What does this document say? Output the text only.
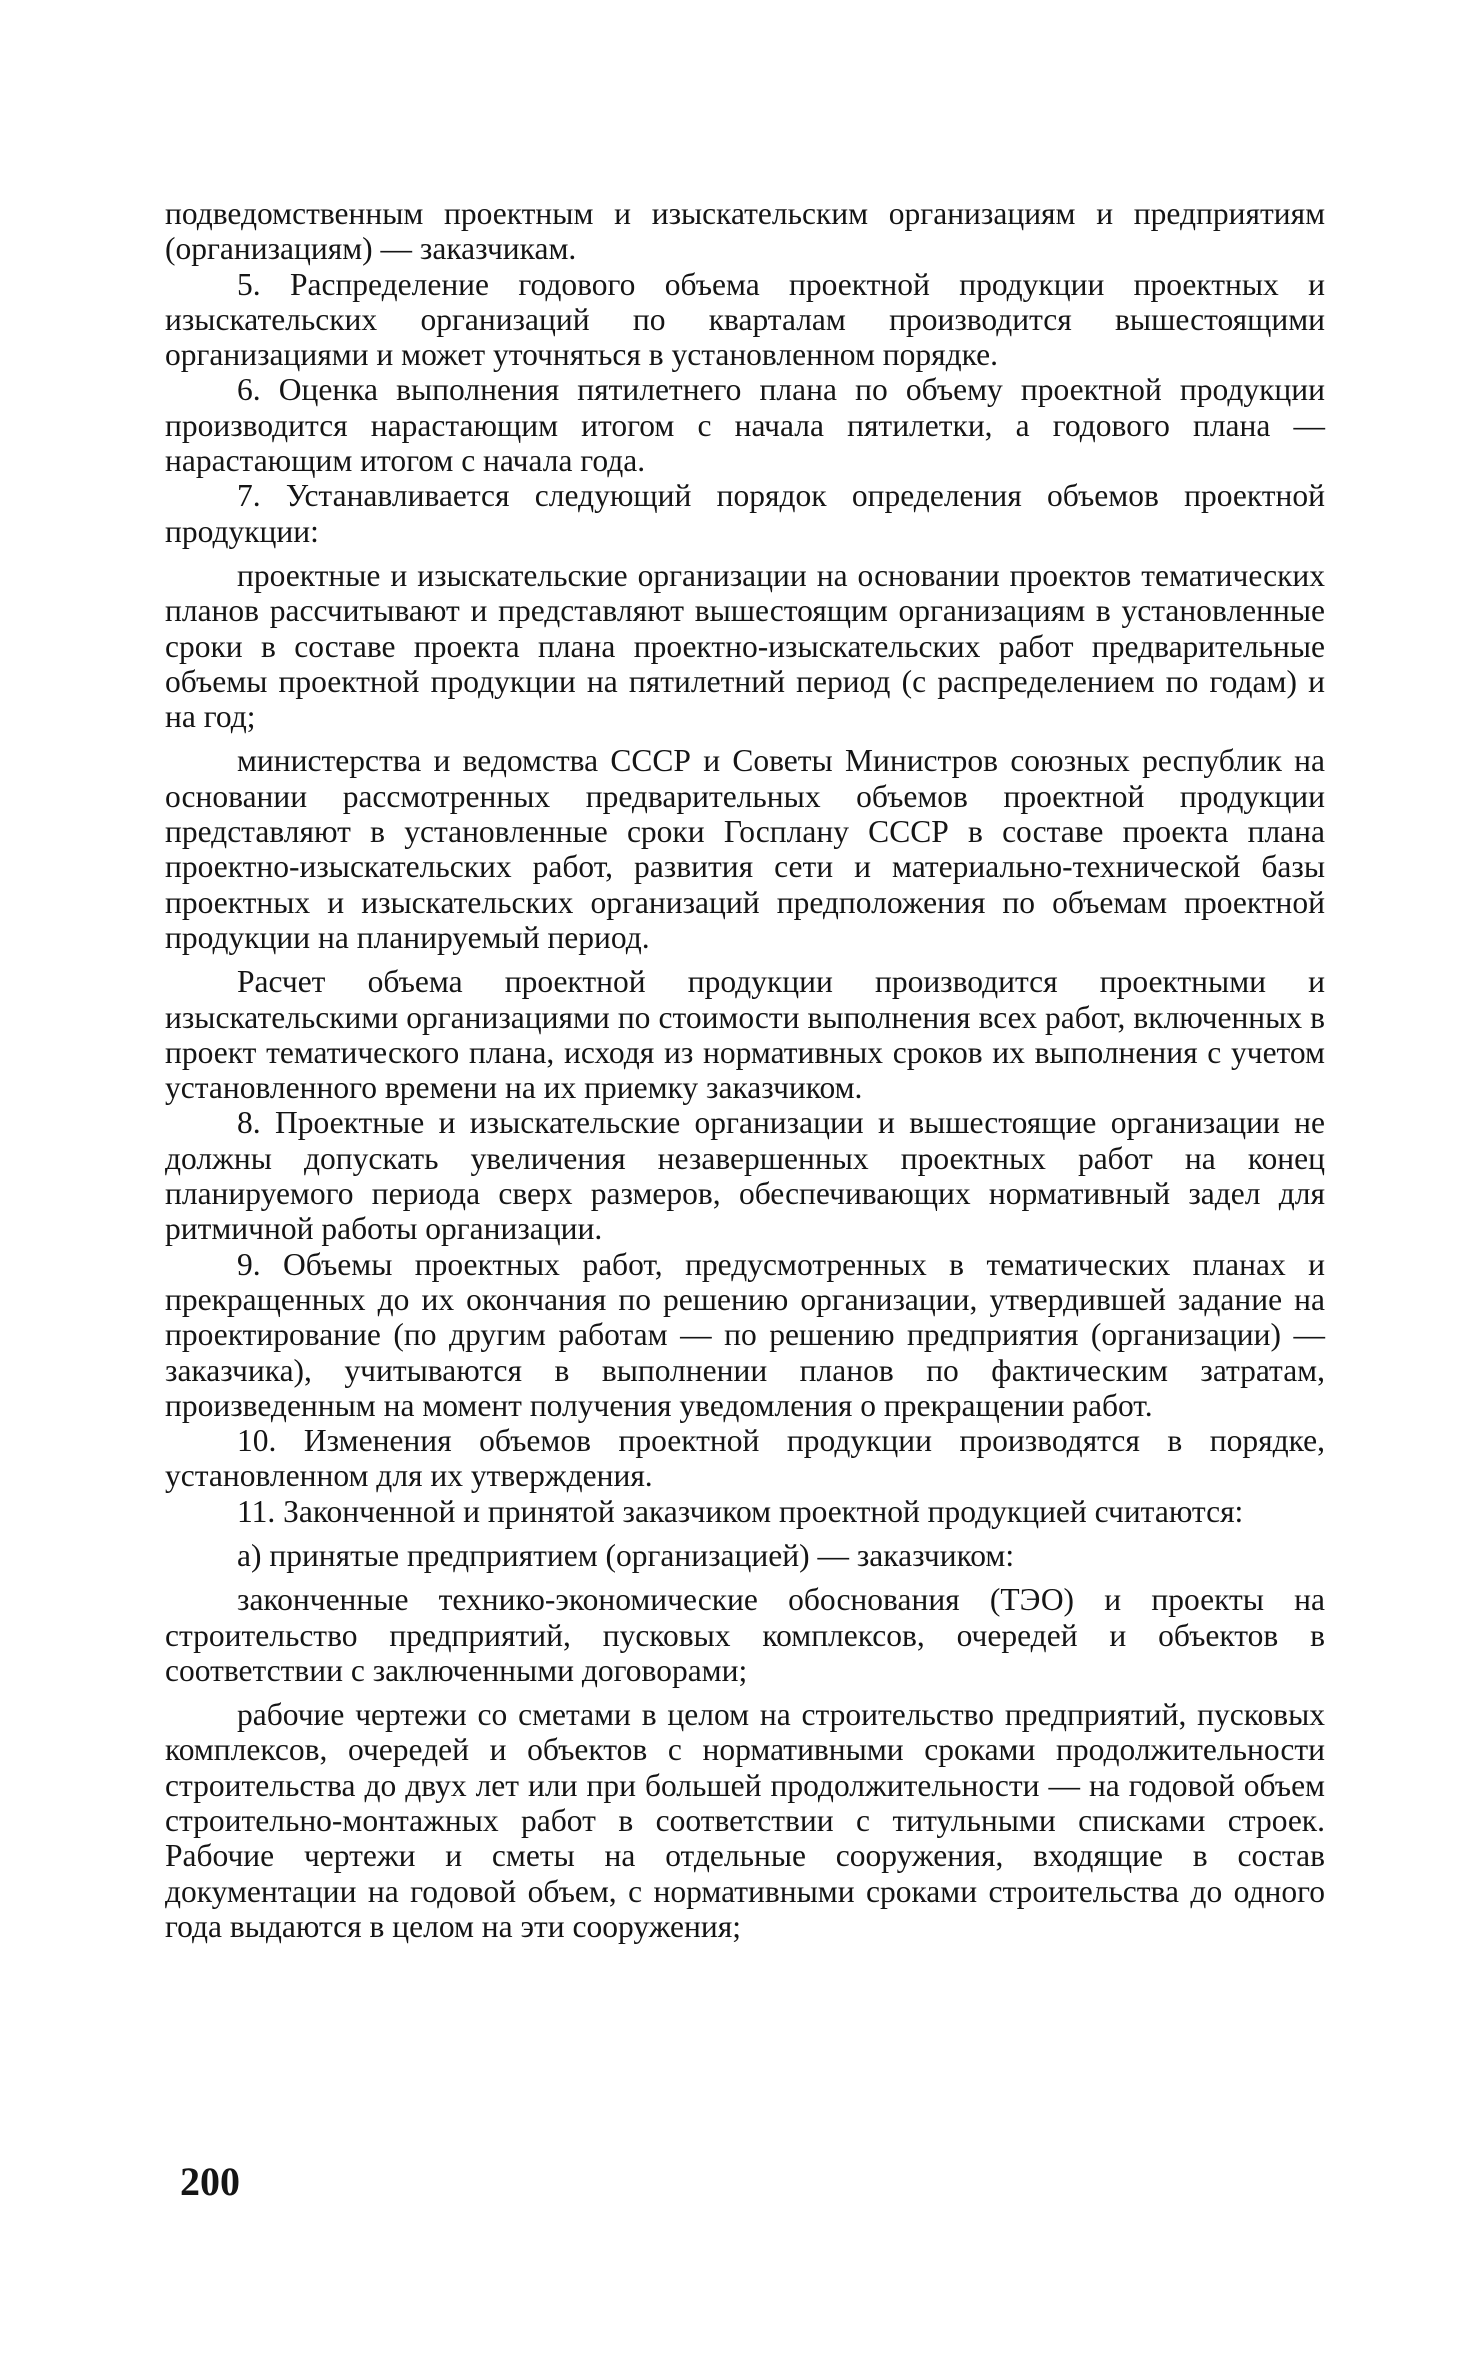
подведомственным проектным и изыскательским организациям и предприятиям (организациям) — заказчикам.

5. Распределение годового объема проектной продукции проектных и изыскательских организаций по кварталам производится вышестоящими организациями и может уточняться в установленном порядке.

6. Оценка выполнения пятилетнего плана по объему проектной продукции производится нарастающим итогом с начала пятилетки, а годового плана — нарастающим итогом с начала года.

7. Устанавливается следующий порядок определения объемов проектной продукции:

проектные и изыскательские организации на основании проектов тематических планов рассчитывают и представляют вышестоящим организациям в установленные сроки в составе проекта плана проектно-изыскательских работ предварительные объемы проектной продукции на пятилетний период (с распределением по годам) и на год;

министерства и ведомства СССР и Советы Министров союзных республик на основании рассмотренных предварительных объемов проектной продукции представляют в установленные сроки Госплану СССР в составе проекта плана проектно-изыскательских работ, развития сети и материально-технической базы проектных и изыскательских организаций предположения по объемам проектной продукции на планируемый период.

Расчет объема проектной продукции производится проектными и изыскательскими организациями по стоимости выполнения всех работ, включенных в проект тематического плана, исходя из нормативных сроков их выполнения с учетом установленного времени на их приемку заказчиком.

8. Проектные и изыскательские организации и вышестоящие организации не должны допускать увеличения незавершенных проектных работ на конец планируемого периода сверх размеров, обеспечивающих нормативный задел для ритмичной работы организации.

9. Объемы проектных работ, предусмотренных в тематических планах и прекращенных до их окончания по решению организации, утвердившей задание на проектирование (по другим работам — по решению предприятия (организации) — заказчика), учитываются в выполнении планов по фактическим затратам, произведенным на момент получения уведомления о прекращении работ.

10. Изменения объемов проектной продукции производятся в порядке, установленном для их утверждения.

11. Законченной и принятой заказчиком проектной продукцией считаются:

а) принятые предприятием (организацией) — заказчиком:

законченные технико-экономические обоснования (ТЭО) и проекты на строительство предприятий, пусковых комплексов, очередей и объектов в соответствии с заключенными договорами;

рабочие чертежи со сметами в целом на строительство предприятий, пусковых комплексов, очередей и объектов с нормативными сроками продолжительности строительства до двух лет или при большей продолжительности — на годовой объем строительно-монтажных работ в соответствии с титульными списками строек. Рабочие чертежи и сметы на отдельные сооружения, входящие в состав документации на годовой объем, с нормативными сроками строительства до одного года выдаются в целом на эти сооружения;

200
